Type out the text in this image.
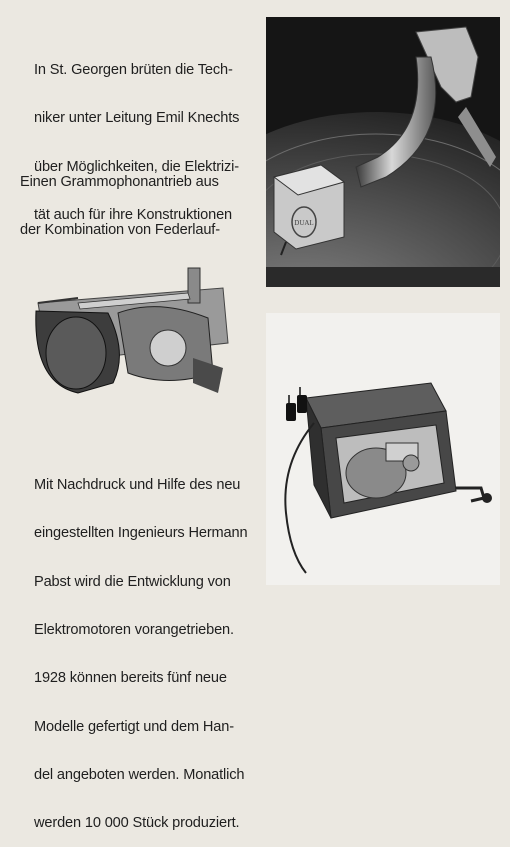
In St. Georgen brüten die Tech-

niker unter Leitung Emil Knechts

über Möglichkeiten, die Elektrizi-

tät auch für ihre Konstruktionen

Einen Grammophonantrieb aus

der Kombination von Federlauf-

Mit Nachdruck und Hilfe des neu

eingestellten Ingenieurs Hermann

Pabst wird die Entwicklung von

Elektromotoren vorangetrieben.

1928 können bereits fünf neue

Modelle gefertigt und dem Han-

del angeboten werden. Monatlich

werden 10 000 Stück produziert.

DUAL
